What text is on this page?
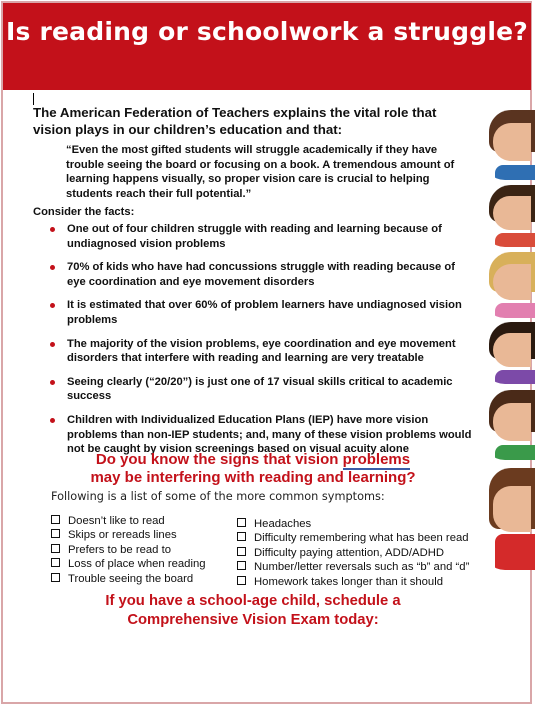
Is reading or schoolwork a struggle?
The American Federation of Teachers explains the vital role that vision plays in our children’s education and that:
“Even the most gifted students will struggle academically if they have trouble seeing the board or focusing on a book. A tremendous amount of learning happens visually, so proper vision care is crucial to helping students reach their full potential.”
Consider the facts:
One out of four children struggle with reading and learning because of undiagnosed vision problems
70% of kids who have had concussions struggle with reading because of eye coordination and eye movement disorders
It is estimated that over 60% of problem learners have undiagnosed vision problems
The majority of the vision problems, eye coordination and eye movement disorders that interfere with reading and learning are very treatable
Seeing clearly (“20/20”) is just one of 17 visual skills critical to academic success
Children with Individualized Education Plans (IEP) have more vision problems than non-IEP students; and, many of these vision problems would not be caught by vision screenings based on visual acuity alone
Do you know the signs that vision problems
may be interfering with reading and learning?
Following is a list of some of the more common symptoms:
Doesn’t like to read
Skips or rereads lines
Prefers to be read to
Loss of place when reading
Trouble seeing the board
Headaches
Difficulty remembering what has been read
Difficulty paying attention, ADD/ADHD
Number/letter reversals such as “b” and “d”
Homework takes longer than it should
If you have a school-age child, schedule a
Comprehensive Vision Exam today:
